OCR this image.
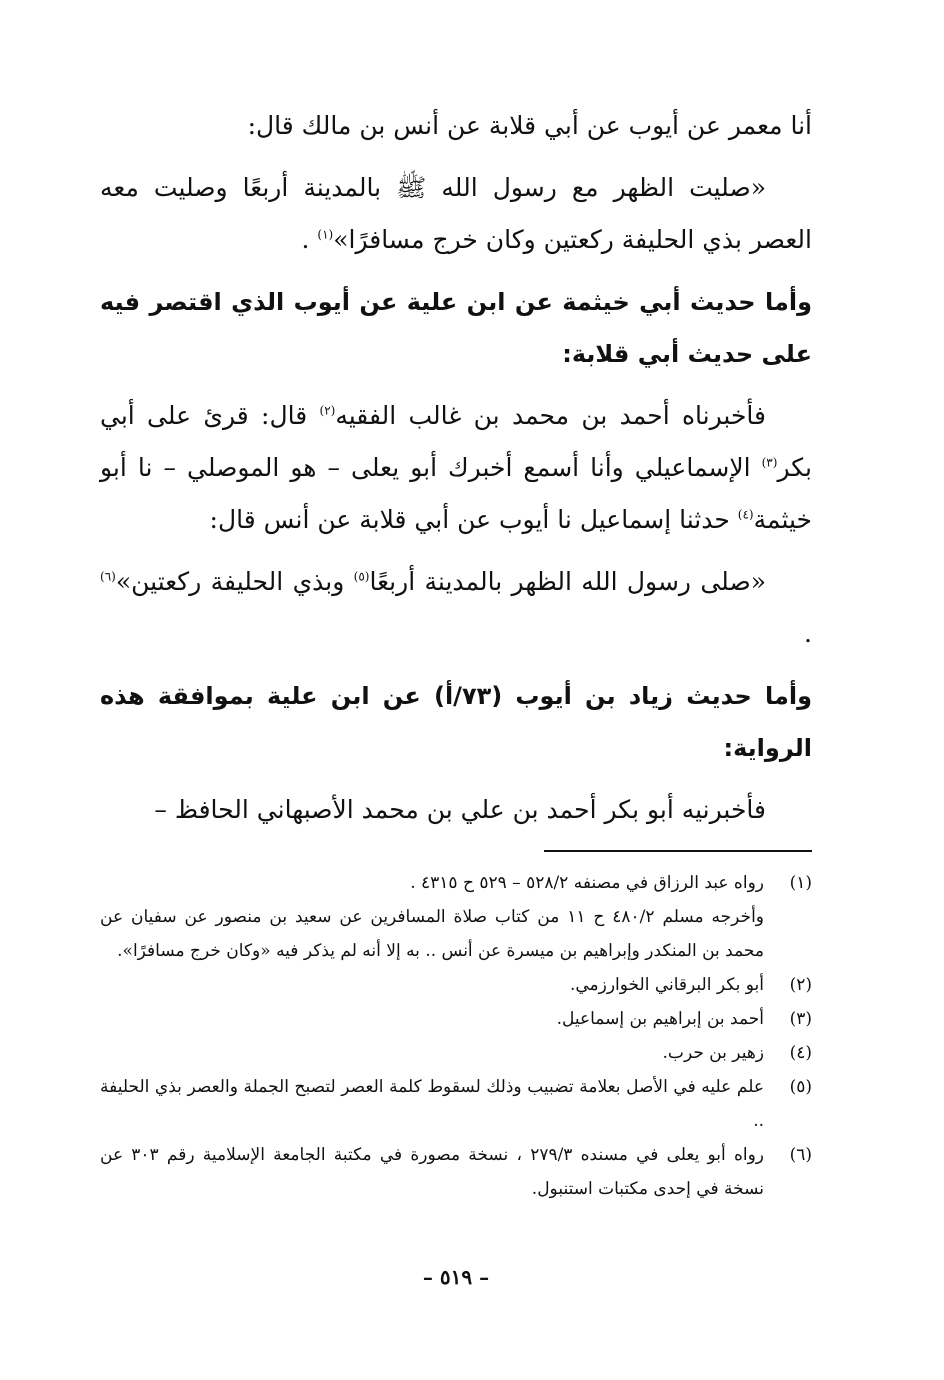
أنا معمر عن أيوب عن أبي قلابة عن أنس بن مالك قال:

«صليت الظهر مع رسول الله ﷺ بالمدينة أربعًا وصليت معه العصر بذي الحليفة ركعتين وكان خرج مسافرًا»$^{(١)}$ .

وأما حديث أبي خيثمة عن ابن علية عن أيوب الذي اقتصر فيه على حديث أبي قلابة:

فأخبرناه أحمد بن محمد بن غالب الفقيه$^{(٢)}$ قال: قرئ على أبي بكر$^{(٣)}$ الإسماعيلي وأنا أسمع أخبرك أبو يعلى – هو الموصلي – نا أبو خيثمة$^{(٤)}$ حدثنا إسماعيل نا أيوب عن أبي قلابة عن أنس قال:

«صلى رسول الله الظهر بالمدينة أربعًا$^{(٥)}$ وبذي الحليفة ركعتين»$^{(٦)}$ .

وأما حديث زياد بن أيوب (٧٣/أ) عن ابن علية بموافقة هذه الرواية:

فأخبرنيه أبو بكر أحمد بن علي بن محمد الأصبهاني الحافظ –

(١)
رواه عبد الرزاق في مصنفه ٥٢٨/٢ – ٥٢٩ ح ٤٣١٥ .
وأخرجه مسلم ٤٨٠/٢ ح ١١ من كتاب صلاة المسافرين عن سعيد بن منصور عن سفيان عن محمد بن المنكدر وإبراهيم بن ميسرة عن أنس .. به إلا أنه لم يذكر فيه «وكان خرج مسافرًا».
(٢)
أبو بكر البرقاني الخوارزمي.
(٣)
أحمد بن إبراهيم بن إسماعيل.
(٤)
زهير بن حرب.
(٥)
علم عليه في الأصل بعلامة تضبيب وذلك لسقوط كلمة العصر لتصبح الجملة والعصر بذي الحليفة ..
(٦)
رواه أبو يعلى في مسنده ٢٧٩/٣ ، نسخة مصورة في مكتبة الجامعة الإسلامية رقم ٣٠٣ عن نسخة في إحدى مكتبات استنبول.
– ٥١٩ –
